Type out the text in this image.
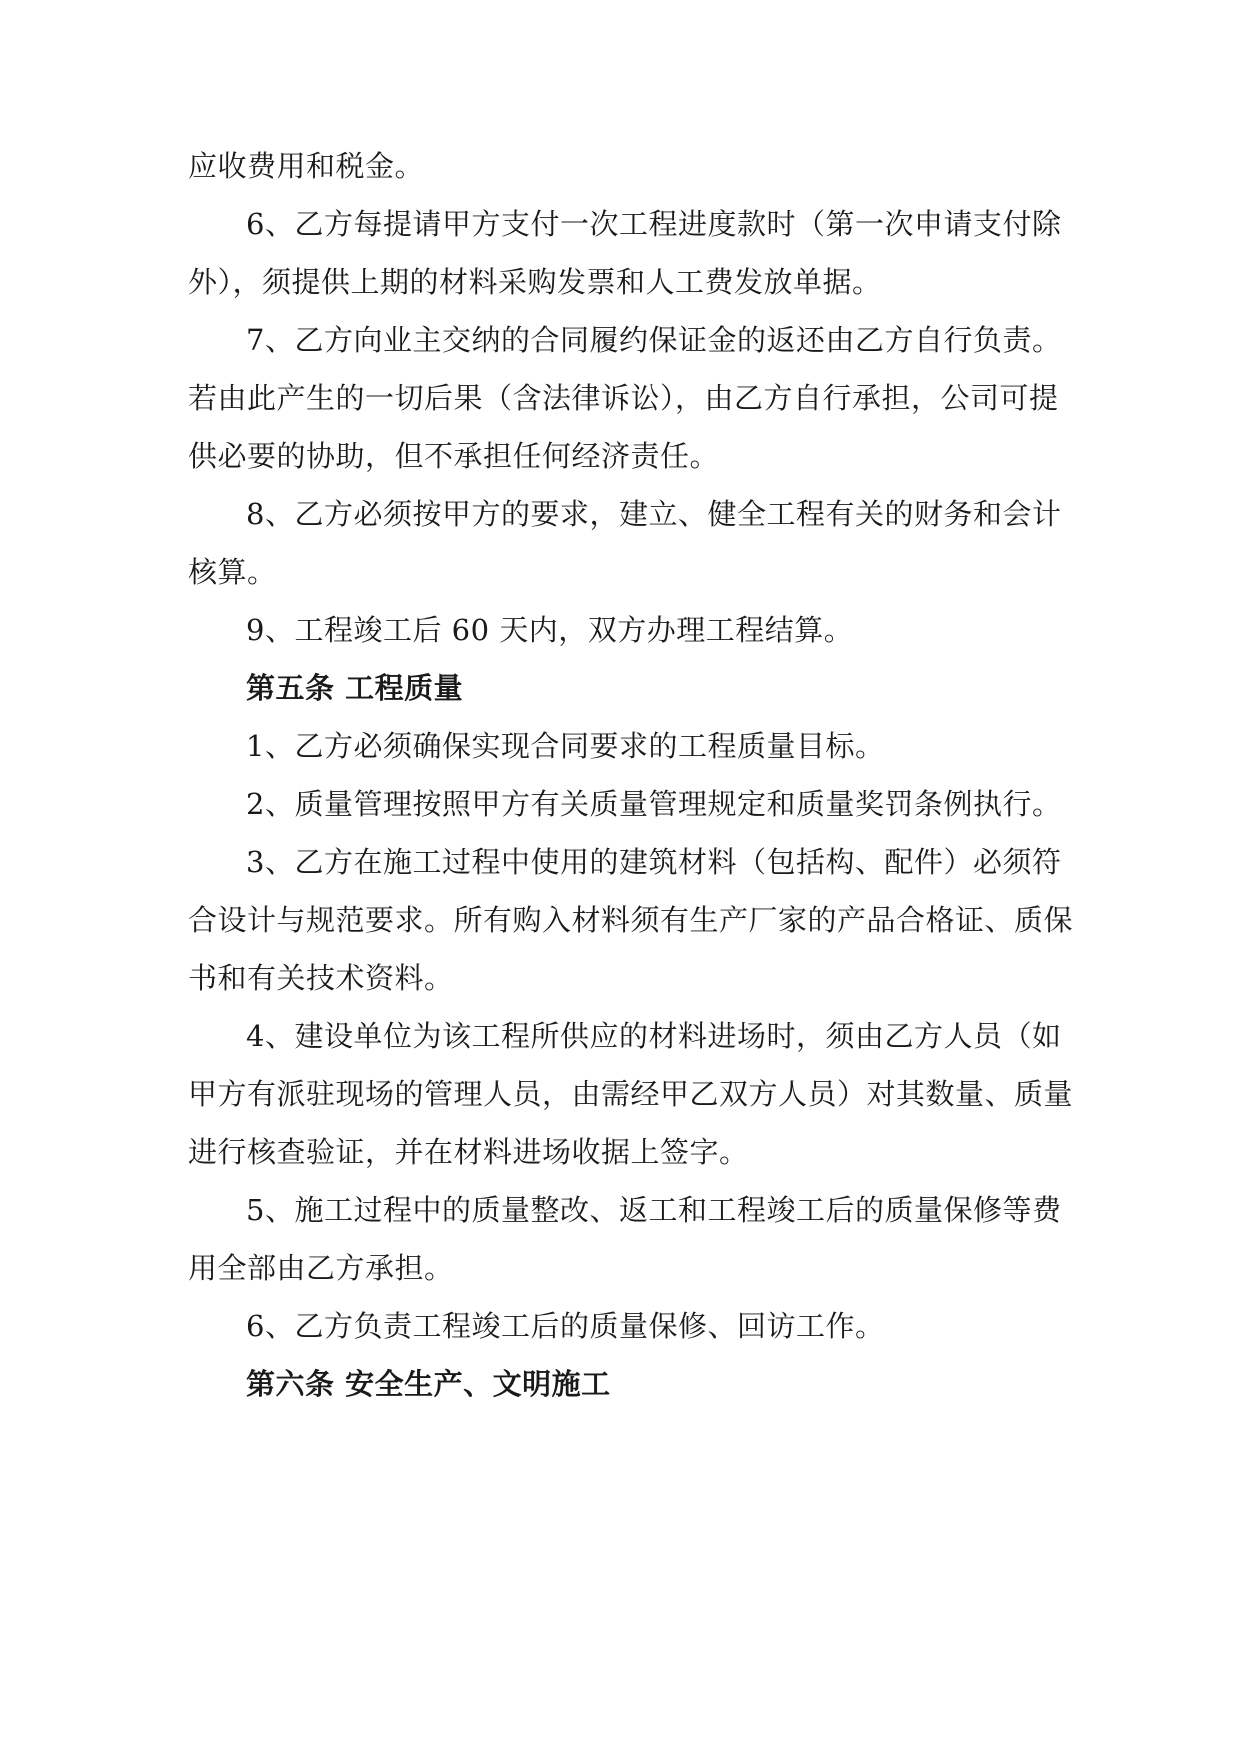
应收费用和税金。
6、乙方每提请甲方支付一次工程进度款时（第一次申请支付除
外），须提供上期的材料采购发票和人工费发放单据。
7、乙方向业主交纳的合同履约保证金的返还由乙方自行负责。
若由此产生的一切后果（含法律诉讼），由乙方自行承担，公司可提
供必要的协助，但不承担任何经济责任。
8、乙方必须按甲方的要求，建立、健全工程有关的财务和会计
核算。
9、工程竣工后 60 天内，双方办理工程结算。
第五条 工程质量
1、乙方必须确保实现合同要求的工程质量目标。
2、质量管理按照甲方有关质量管理规定和质量奖罚条例执行。
3、乙方在施工过程中使用的建筑材料（包括构、配件）必须符
合设计与规范要求。所有购入材料须有生产厂家的产品合格证、质保
书和有关技术资料。
4、建设单位为该工程所供应的材料进场时，须由乙方人员（如
甲方有派驻现场的管理人员，由需经甲乙双方人员）对其数量、质量
进行核查验证，并在材料进场收据上签字。
5、施工过程中的质量整改、返工和工程竣工后的质量保修等费
用全部由乙方承担。
6、乙方负责工程竣工后的质量保修、回访工作。
第六条 安全生产、文明施工
